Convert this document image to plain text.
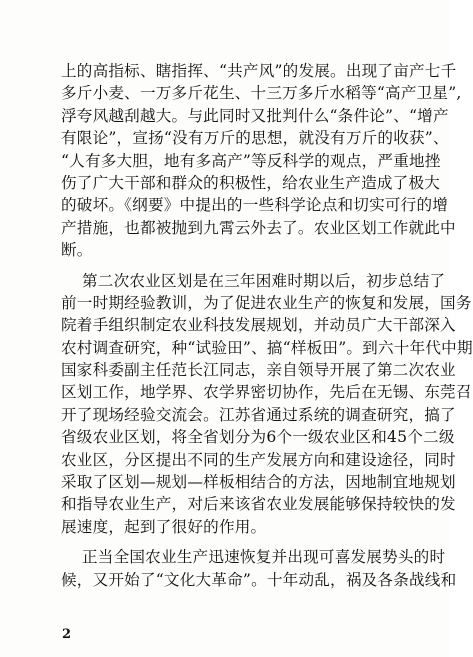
上的高指标、瞎指挥、“共产风”的发展。出现了亩产七千
多斤小麦、一万多斤花生、十三万多斤水稻等“高产卫星”,
浮夸风越刮越大。与此同时又批判什么“条件论”、“增产
有限论”，宣扬“没有万斤的思想，就没有万斤的收获”、
“人有多大胆，地有多高产”等反科学的观点，严重地挫
伤了广大干部和群众的积极性，给农业生产造成了极大
的破坏。《纲要》中提出的一些科学论点和切实可行的增
产措施，也都被抛到九霄云外去了。农业区划工作就此中
断。
第二次农业区划是在三年困难时期以后，初步总结了
前一时期经验教训，为了促进农业生产的恢复和发展，国务
院着手组织制定农业科技发展规划，并动员广大干部深入
农村调查研究，种“试验田”、搞“样板田”。到六十年代中期
国家科委副主任范长江同志，亲自领导开展了第二次农业
区划工作，地学界、农学界密切协作，先后在无锡、东莞召
开了现场经验交流会。江苏省通过系统的调查研究，搞了
省级农业区划，将全省划分为6个一级农业区和45个二级
农业区，分区提出不同的生产发展方向和建设途径，同时
采取了区划—规划—样板相结合的方法，因地制宜地规划
和指导农业生产，对后来该省农业发展能够保持较快的发
展速度，起到了很好的作用。
正当全国农业生产迅速恢复并出现可喜发展势头的时
候，又开始了“文化大革命”。十年动乱，祸及各条战线和
2
